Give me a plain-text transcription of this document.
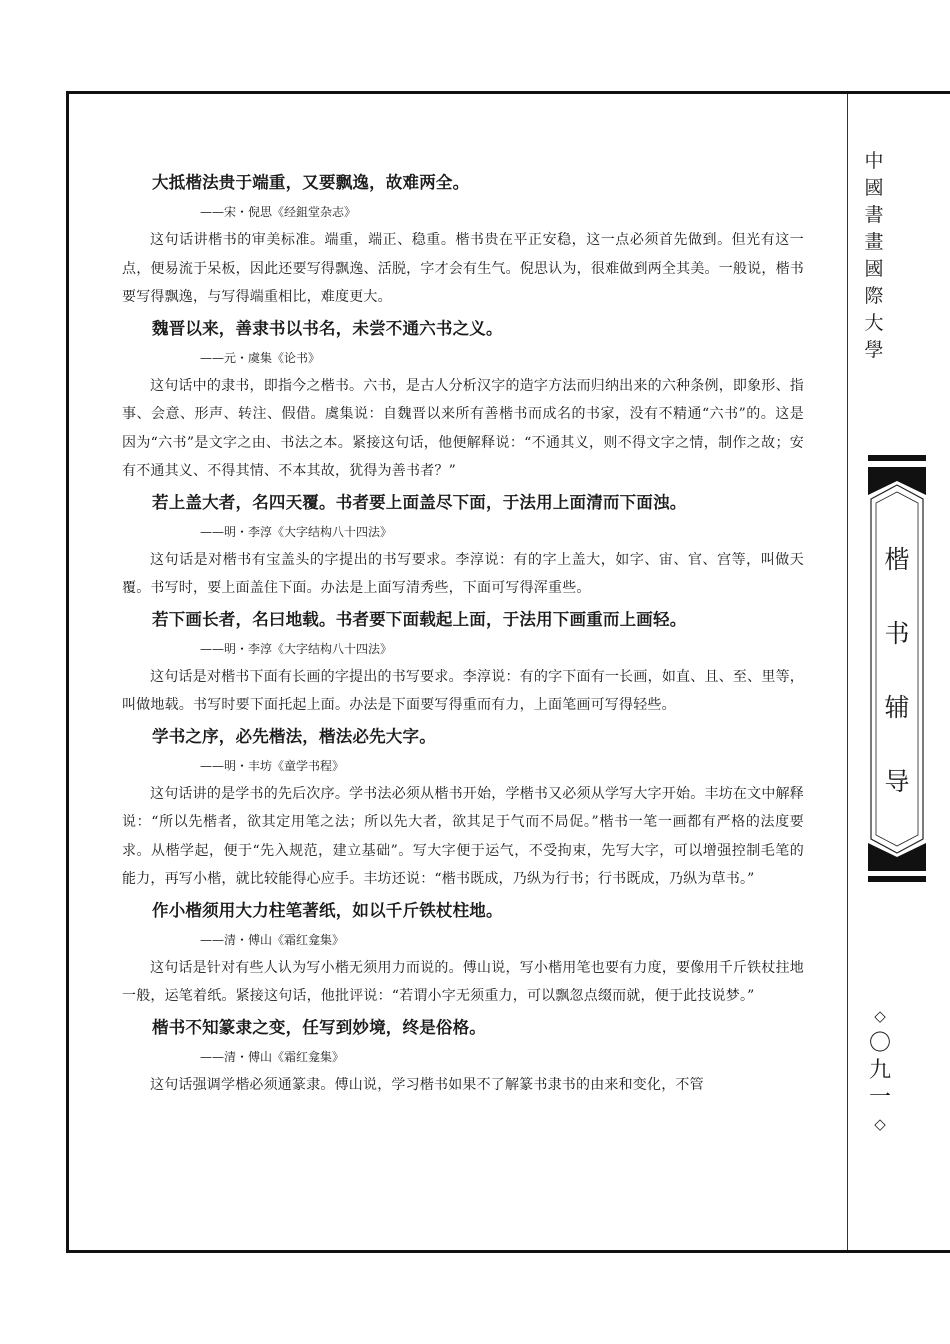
大抵楷法贵于端重，又要飘逸，故难两全。

——宋・倪思《经鉏堂杂志》

这句话讲楷书的审美标准。端重，端正、稳重。楷书贵在平正安稳，这一点必须首先做到。但光有这一点，便易流于呆板，因此还要写得飘逸、活脱，字才会有生气。倪思认为，很难做到两全其美。一般说，楷书要写得飘逸，与写得端重相比，难度更大。

魏晋以来，善隶书以书名，未尝不通六书之义。

——元・虞集《论书》

这句话中的隶书，即指今之楷书。六书，是古人分析汉字的造字方法而归纳出来的六种条例，即象形、指事、会意、形声、转注、假借。虞集说：自魏晋以来所有善楷书而成名的书家，没有不精通“六书”的。这是因为“六书”是文字之由、书法之本。紧接这句话，他便解释说：“不通其义，则不得文字之情，制作之故；安有不通其义、不得其情、不本其故，犹得为善书者？”

若上盖大者，名四天覆。书者要上面盖尽下面，于法用上面清而下面浊。

——明・李淳《大字结构八十四法》

这句话是对楷书有宝盖头的字提出的书写要求。李淳说：有的字上盖大，如字、宙、官、宫等，叫做天覆。书写时，要上面盖住下面。办法是上面写清秀些，下面可写得浑重些。

若下画长者，名曰地载。书者要下面载起上面，于法用下画重而上画轻。

——明・李淳《大字结构八十四法》

这句话是对楷书下面有长画的字提出的书写要求。李淳说：有的字下面有一长画，如直、且、至、里等，叫做地载。书写时要下面托起上面。办法是下面要写得重而有力，上面笔画可写得轻些。

学书之序，必先楷法，楷法必先大字。

——明・丰坊《童学书程》

这句话讲的是学书的先后次序。学书法必须从楷书开始，学楷书又必须从学写大字开始。丰坊在文中解释说：“所以先楷者，欲其定用笔之法；所以先大者，欲其足于气而不局促。”楷书一笔一画都有严格的法度要求。从楷学起，便于“先入规范，建立基础”。写大字便于运气，不受拘束，先写大字，可以增强控制毛笔的能力，再写小楷，就比较能得心应手。丰坊还说：“楷书既成，乃纵为行书；行书既成，乃纵为草书。”

作小楷须用大力柱笔著纸，如以千斤铁杖柱地。

——清・傅山《霜红龛集》

这句话是针对有些人认为写小楷无须用力而说的。傅山说，写小楷用笔也要有力度，要像用千斤铁杖拄地一般，运笔着纸。紧接这句话，他批评说：“若谓小字无须重力，可以飘忽点缀而就，便于此技说梦。”

楷书不知篆隶之变，任写到妙境，终是俗格。

——清・傅山《霜红龛集》

这句话强调学楷必须通篆隶。傅山说，学习楷书如果不了解篆书隶书的由来和变化，不管

中
國
書
畫
國
際
大
學
楷
书
辅
导
◇
〇
九
一
◇
